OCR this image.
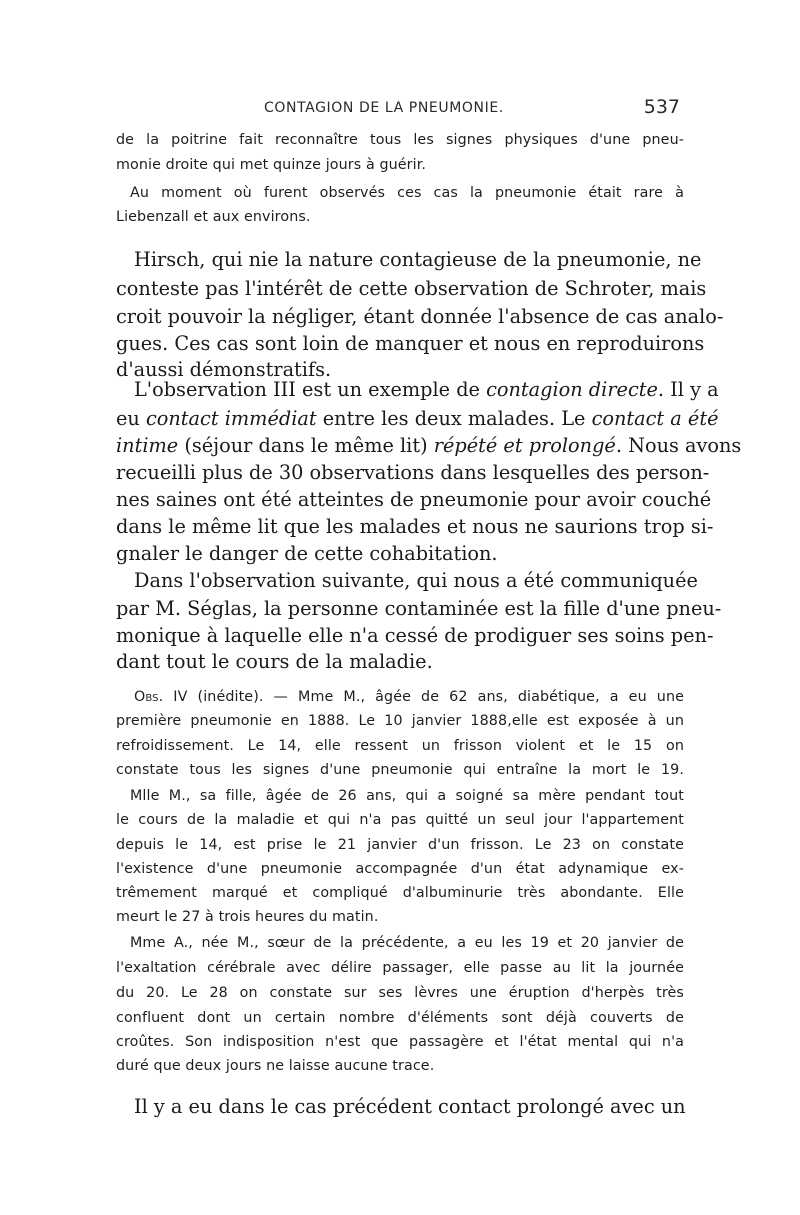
CONTAGION DE LA PNEUMONIE.	537
de la poitrine fait reconnaître tous les signes physiques d'une pneu-
monie droite qui met quinze jours à guérir.
Au moment où furent observés ces cas la pneumonie était rare à
Liebenzall et aux environs.
Hirsch, qui nie la nature contagieuse de la pneumonie, ne
conteste pas l'intérêt de cette observation de Schroter, mais
croit pouvoir la négliger, étant donnée l'absence de cas analo-
gues. Ces cas sont loin de manquer et nous en reproduirons
d'aussi démonstratifs.
L'observation III est un exemple de contagion directe. Il y a
eu contact immédiat entre les deux malades. Le contact a été
intime (séjour dans le même lit) répété et prolongé. Nous avons
recueilli plus de 30 observations dans lesquelles des person-
nes saines ont été atteintes de pneumonie pour avoir couché
dans le même lit que les malades et nous ne saurions trop si-
gnaler le danger de cette cohabitation.
Dans l'observation suivante, qui nous a été communiquée
par M. Séglas, la personne contaminée est la fille d'une pneu-
monique à laquelle elle n'a cessé de prodiguer ses soins pen-
dant tout le cours de la maladie.
Obs. IV (inédite). — Mme M., âgée de 62 ans, diabétique, a eu une
première pneumonie en 1888. Le 10 janvier 1888,elle est exposée à un
refroidissement. Le 14, elle ressent un frisson violent et le 15 on
constate tous les signes d'une pneumonie qui entraîne la mort le 19.
Mlle M., sa fille, âgée de 26 ans, qui a soigné sa mère pendant tout
le cours de la maladie et qui n'a pas quitté un seul jour l'appartement
depuis le 14, est prise le 21 janvier d'un frisson. Le 23 on constate
l'existence d'une pneumonie accompagnée d'un état adynamique ex-
trêmement marqué et compliqué d'albuminurie très abondante. Elle
meurt le 27 à trois heures du matin.
Mme A., née M., sœur de la précédente, a eu les 19 et 20 janvier de
l'exaltation cérébrale avec délire passager, elle passe au lit la journée
du 20. Le 28 on constate sur ses lèvres une éruption d'herpès très
confluent dont un certain nombre d'éléments sont déjà couverts de
croûtes. Son indisposition n'est que passagère et l'état mental qui n'a
duré que deux jours ne laisse aucune trace.
Il y a eu dans le cas précédent contact prolongé avec un
